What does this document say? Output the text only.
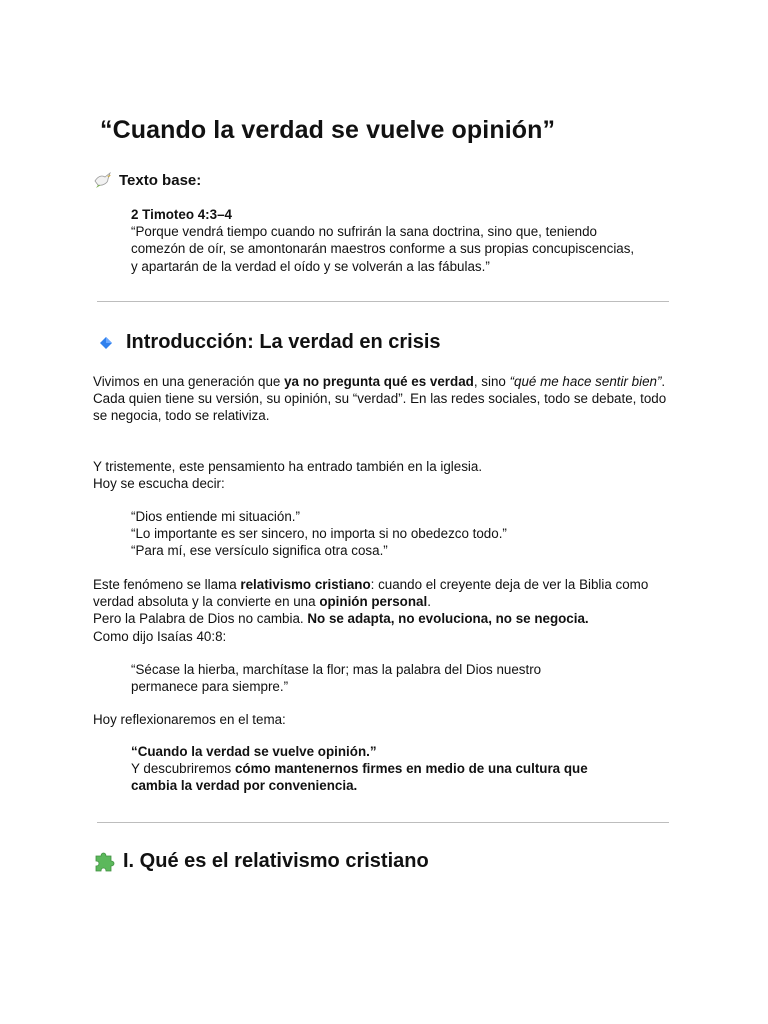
“Cuando la verdad se vuelve opinión”
Texto base:
2 Timoteo 4:3–4
“Porque vendrá tiempo cuando no sufrirán la sana doctrina, sino que, teniendo comezón de oír, se amontonarán maestros conforme a sus propias concupiscencias, y apartarán de la verdad el oído y se volverán a las fábulas.”
Introducción: La verdad en crisis

Vivimos en una generación que ya no pregunta qué es verdad, sino “qué me hace sentir bien”.

Cada quien tiene su versión, su opinión, su “verdad”. En las redes sociales, todo se debate, todo se negocia, todo se relativiza.

Y tristemente, este pensamiento ha entrado también en la iglesia.

Hoy se escucha decir:

“Dios entiende mi situación.”

“Lo importante es ser sincero, no importa si no obedezco todo.”

“Para mí, ese versículo significa otra cosa.”

Este fenómeno se llama relativismo cristiano: cuando el creyente deja de ver la Biblia como verdad absoluta y la convierte en una opinión personal.

Pero la Palabra de Dios no cambia. No se adapta, no evoluciona, no se negocia.

Como dijo Isaías 40:8:

“Sécase la hierba, marchítase la flor; mas la palabra del Dios nuestro permanece para siempre.”

Hoy reflexionaremos en el tema:

“Cuando la verdad se vuelve opinión.”

Y descubriremos cómo mantenernos firmes en medio de una cultura que cambia la verdad por conveniencia.

I. Qué es el relativismo cristiano
